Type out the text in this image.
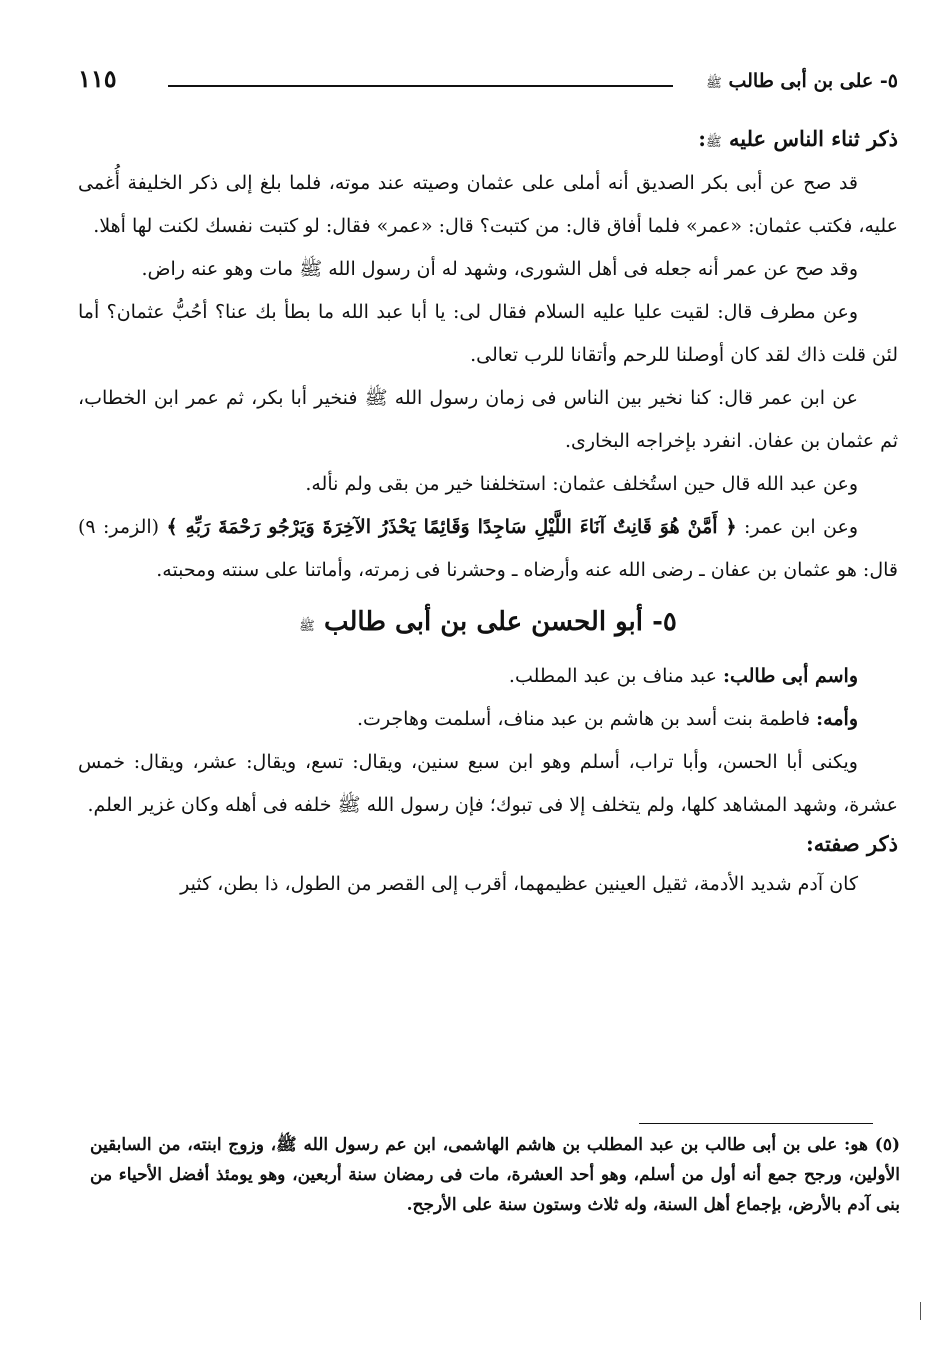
٥- على بن أبى طالب ﷺ
١١٥
ذكر ثناء الناس عليه ﷺ:

قد صح عن أبى بكر الصديق أنه أملى على عثمان وصيته عند موته، فلما بلغ إلى ذكر الخليفة أُغمى عليه، فكتب عثمان: «عمر» فلما أفاق قال: من كتبت؟ قال: «عمر» فقال: لو كتبت نفسك لكنت لها أهلا.

وقد صح عن عمر أنه جعله فى أهل الشورى، وشهد له أن رسول الله ﷺ مات وهو عنه راض.

وعن مطرف قال: لقيت عليا عليه السلام فقال لى: يا أبا عبد الله ما بطأ بك عنا؟ أحُبُّ عثمان؟ أما لئن قلت ذاك لقد كان أوصلنا للرحم وأتقانا للرب تعالى.

عن ابن عمر قال: كنا نخير بين الناس فى زمان رسول الله ﷺ فنخير أبا بكر، ثم عمر ابن الخطاب، ثم عثمان بن عفان. انفرد بإخراجه البخارى.

وعن عبد الله قال حين استُخلف عثمان: استخلفنا خير من بقى ولم نأله.

وعن ابن عمر: ﴿ أَمَّنْ هُوَ قَانِتٌ آنَاءَ اللَّيْلِ سَاجِدًا وَقَائِمًا يَحْذَرُ الآخِرَةَ وَيَرْجُو رَحْمَةَ رَبِّهِ ﴾ (الزمر: ٩) قال: هو عثمان بن عفان ـ رضى الله عنه وأرضاه ـ وحشرنا فى زمرته، وأماتنا على سنته ومحبته.

٥- أبو الحسن على بن أبى طالب ﷺ

واسم أبى طالب: عبد مناف بن عبد المطلب.

وأمه: فاطمة بنت أسد بن هاشم بن عبد مناف، أسلمت وهاجرت.

ويكنى أبا الحسن، وأبا تراب، أسلم وهو ابن سبع سنين، ويقال: تسع، ويقال: عشر، ويقال: خمس عشرة، وشهد المشاهد كلها، ولم يتخلف إلا فى تبوك؛ فإن رسول الله ﷺ خلفه فى أهله وكان غزير العلم.

ذكر صفته:

كان آدم شديد الأدمة، ثقيل العينين عظيمهما، أقرب إلى القصر من الطول، ذا بطن، كثير

(٥) هو: على بن أبى طالب بن عبد المطلب بن هاشم الهاشمى، ابن عم رسول الله ﷺ، وزوج ابنته، من السابقين الأولين، ورجح جمع أنه أول من أسلم، وهو أحد العشرة، مات فى رمضان سنة أربعين، وهو يومئذ أفضل الأحياء من بنى آدم بالأرض، بإجماع أهل السنة، وله ثلاث وستون سنة على الأرجح.
